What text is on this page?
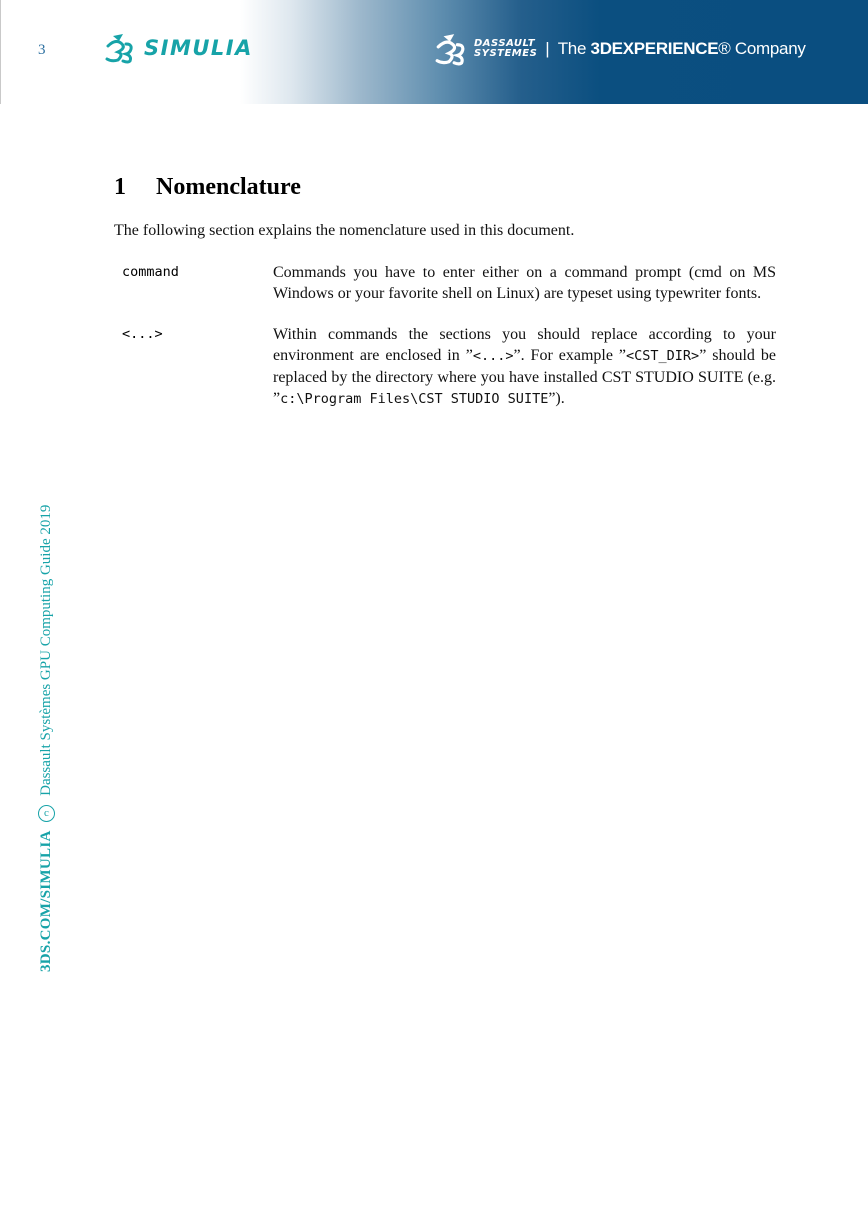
3	SIMULIA	DASSAULT
SYSTEMES | The 3DEXPERIENCE® Company
3DS.COM/SIMULIA c Dassault Systèmes GPU Computing Guide 2019
1 Nomenclature

The following section explains the nomenclature used in this document.

command	Commands you have to enter either on a command prompt (cmd on MS Windows or your favorite shell on Linux) are typeset using typewriter fonts.
<...>	Within commands the sections you should replace according to your environment are enclosed in ”<...>”. For example ”<CST_DIR>” should be replaced by the directory where you have installed CST STUDIO SUITE (e.g. ”c:\Program Files\CST STUDIO SUITE”).
